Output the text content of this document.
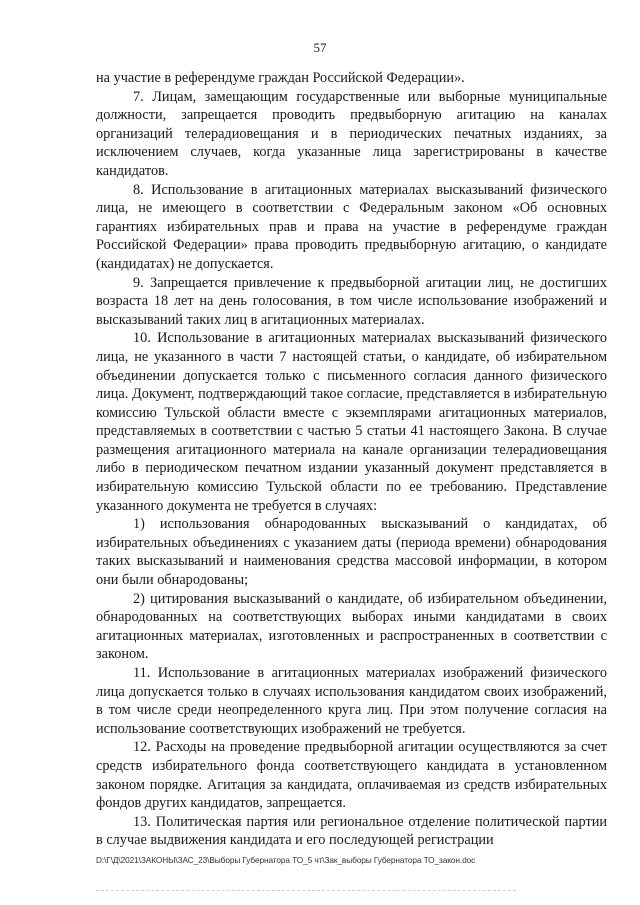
57

на участие в референдуме граждан Российской Федерации».

7. Лицам, замещающим государственные или выборные муниципальные должности, запрещается проводить предвыборную агитацию на каналах организаций телерадиовещания и в периодических печатных изданиях, за исключением случаев, когда указанные лица зарегистрированы в качестве кандидатов.

8. Использование в агитационных материалах высказываний физического лица, не имеющего в соответствии с Федеральным законом «Об основных гарантиях избирательных прав и права на участие в референдуме граждан Российской Федерации» права проводить предвыборную агитацию, о кандидате (кандидатах) не допускается.

9. Запрещается привлечение к предвыборной агитации лиц, не достигших возраста 18 лет на день голосования, в том числе использование изображений и высказываний таких лиц в агитационных материалах.

10. Использование в агитационных материалах высказываний физического лица, не указанного в части 7 настоящей статьи, о кандидате, об избирательном объединении допускается только с письменного согласия данного физического лица. Документ, подтверждающий такое согласие, представляется в избирательную комиссию Тульской области вместе с экземплярами агитационных материалов, представляемых в соответствии с частью 5 статьи 41 настоящего Закона. В случае размещения агитационного материала на канале организации телерадиовещания либо в периодическом печатном издании указанный документ представляется в избирательную комиссию Тульской области по ее требованию. Представление указанного документа не требуется в случаях:

1) использования обнародованных высказываний о кандидатах, об избирательных объединениях с указанием даты (периода времени) обнародования таких высказываний и наименования средства массовой информации, в котором они были обнародованы;

2) цитирования высказываний о кандидате, об избирательном объединении, обнародованных на соответствующих выборах иными кандидатами в своих агитационных материалах, изготовленных и распространенных в соответствии с законом.

11. Использование в агитационных материалах изображений физического лица допускается только в случаях использования кандидатом своих изображений, в том числе среди неопределенного круга лиц. При этом получение согласия на использование соответствующих изображений не требуется.

12. Расходы на проведение предвыборной агитации осуществляются за счет средств избирательного фонда соответствующего кандидата в установленном законом порядке. Агитация за кандидата, оплачиваемая из средств избирательных фондов других кандидатов, запрещается.

13. Политическая партия или региональное отделение политической партии в случае выдвижения кандидата и его последующей регистрации

D:\Г\Д\2021\ЗАКОНЫ\ЗАС_23\Выборы Губернатора ТО_5 чт\Зак_выборы Губернатора ТО_закон.doc
